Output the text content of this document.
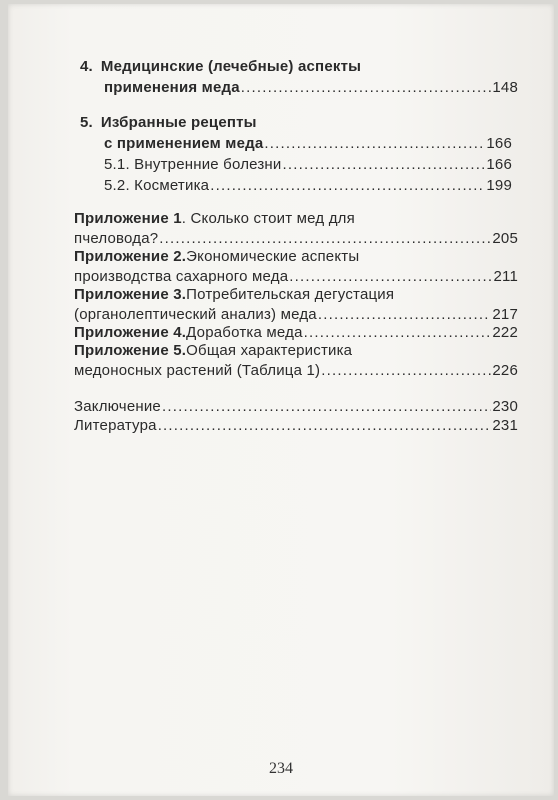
4. Медицинские (лечебные) аспекты
применения меда .....	148
5. Избранные рецепты
с применением меда .....	166
5.1. Внутренние болезни .....	166
5.2. Косметика .....	199
Приложение 1 . Сколько стоит мед для
пчеловода? .....	205
Приложение 2. Экономические аспекты
производства сахарного меда .....	211
Приложение 3. Потребительская дегустация
(органолептический анализ) меда .....	217
Приложение 4. Доработка меда .....	222
Приложение 5. Общая характеристика
медоносных растений (Таблица 1) .....	226
Заключение .....	230
Литература .....	231
234
